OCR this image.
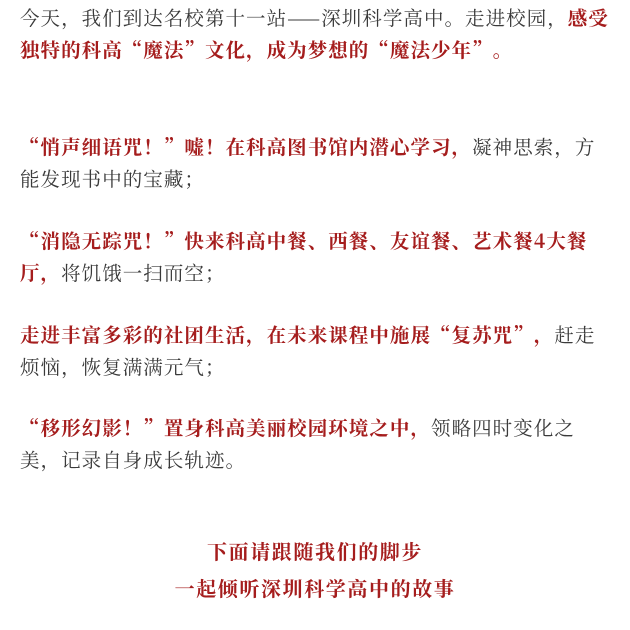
今天，我们到达名校第十一站——深圳科学高中。走进校园，感受独特的科高“魔法”文化，成为梦想的“魔法少年”。

“悄声细语咒！”嘘！在科高图书馆内潜心学习，凝神思索，方能发现书中的宝藏；

“消隐无踪咒！”快来科高中餐、西餐、友谊餐、艺术餐4大餐厅，将饥饿一扫而空；

走进丰富多彩的社团生活，在未来课程中施展“复苏咒”，赶走烦恼，恢复满满元气；

“移形幻影！”置身科高美丽校园环境之中，领略四时变化之美，记录自身成长轨迹。

下面请跟随我们的脚步

一起倾听深圳科学高中的故事
